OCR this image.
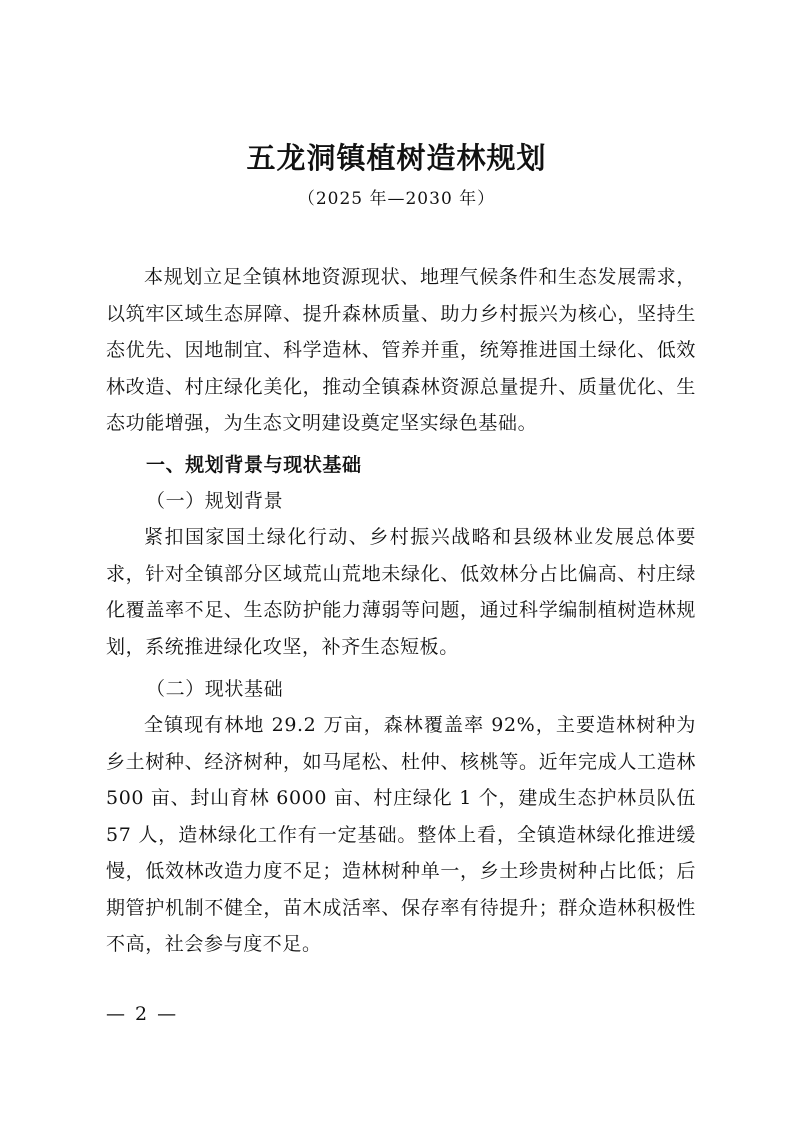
五龙洞镇植树造林规划
（2025 年—2030 年）

本规划立足全镇林地资源现状、地理气候条件和生态发展需求，以筑牢区域生态屏障、提升森林质量、助力乡村振兴为核心，坚持生态优先、因地制宜、科学造林、管养并重，统筹推进国土绿化、低效林改造、村庄绿化美化，推动全镇森林资源总量提升、质量优化、生态功能增强，为生态文明建设奠定坚实绿色基础。

一、规划背景与现状基础
（一）规划背景

紧扣国家国土绿化行动、乡村振兴战略和县级林业发展总体要求，针对全镇部分区域荒山荒地未绿化、低效林分占比偏高、村庄绿化覆盖率不足、生态防护能力薄弱等问题，通过科学编制植树造林规划，系统推进绿化攻坚，补齐生态短板。

（二）现状基础

全镇现有林地 29.2 万亩，森林覆盖率 92%，主要造林树种为乡土树种、经济树种，如马尾松、杜仲、核桃等。近年完成人工造林 500 亩、封山育林 6000 亩、村庄绿化 1 个，建成生态护林员队伍 57 人，造林绿化工作有一定基础。整体上看，全镇造林绿化推进缓慢，低效林改造力度不足；造林树种单一，乡土珍贵树种占比低；后期管护机制不健全，苗木成活率、保存率有待提升；群众造林积极性不高，社会参与度不足。

— 2 —
